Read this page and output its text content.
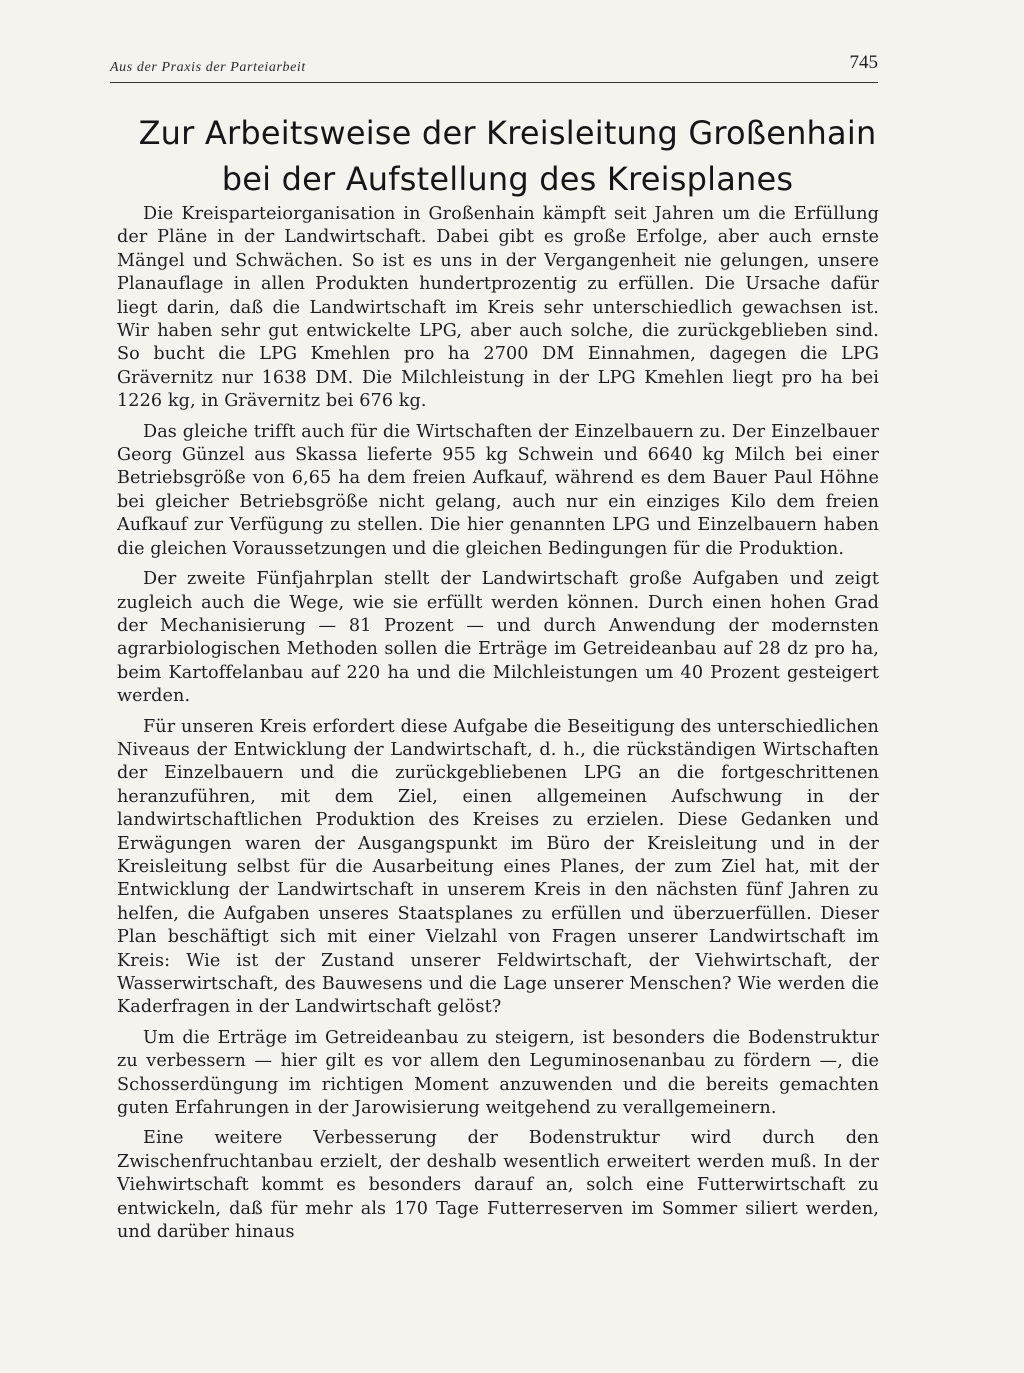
Aus der Praxis der Parteiarbeit	745
Zur Arbeitsweise der Kreisleitung Großenhain bei der Aufstellung des Kreisplanes

Die Kreisparteiorganisation in Großenhain kämpft seit Jahren um die Erfüllung der Pläne in der Landwirtschaft. Dabei gibt es große Erfolge, aber auch ernste Mängel und Schwächen. So ist es uns in der Vergangenheit nie gelungen, unsere Planauflage in allen Produkten hundertprozentig zu erfüllen. Die Ursache dafür liegt darin, daß die Landwirtschaft im Kreis sehr unterschiedlich gewachsen ist. Wir haben sehr gut entwickelte LPG, aber auch solche, die zurückgeblieben sind. So bucht die LPG Kmehlen pro ha 2700 DM Einnahmen, dagegen die LPG Grävernitz nur 1638 DM. Die Milchleistung in der LPG Kmehlen liegt pro ha bei 1226 kg, in Grävernitz bei 676 kg.

Das gleiche trifft auch für die Wirtschaften der Einzelbauern zu. Der Einzelbauer Georg Günzel aus Skassa lieferte 955 kg Schwein und 6640 kg Milch bei einer Betriebsgröße von 6,65 ha dem freien Aufkauf, während es dem Bauer Paul Höhne bei gleicher Betriebsgröße nicht gelang, auch nur ein einziges Kilo dem freien Aufkauf zur Verfügung zu stellen. Die hier genannten LPG und Einzelbauern haben die gleichen Voraussetzungen und die gleichen Bedingungen für die Produktion.

Der zweite Fünfjahrplan stellt der Landwirtschaft große Aufgaben und zeigt zugleich auch die Wege, wie sie erfüllt werden können. Durch einen hohen Grad der Mechanisierung — 81 Prozent — und durch Anwendung der modernsten agrarbiologischen Methoden sollen die Erträge im Getreideanbau auf 28 dz pro ha, beim Kartoffelanbau auf 220 ha und die Milchleistungen um 40 Prozent gesteigert werden.

Für unseren Kreis erfordert diese Aufgabe die Beseitigung des unterschiedlichen Niveaus der Entwicklung der Landwirtschaft, d. h., die rückständigen Wirtschaften der Einzelbauern und die zurückgebliebenen LPG an die fortgeschrittenen heranzuführen, mit dem Ziel, einen allgemeinen Aufschwung in der landwirtschaftlichen Produktion des Kreises zu erzielen. Diese Gedanken und Erwägungen waren der Ausgangspunkt im Büro der Kreisleitung und in der Kreisleitung selbst für die Ausarbeitung eines Planes, der zum Ziel hat, mit der Entwicklung der Landwirtschaft in unserem Kreis in den nächsten fünf Jahren zu helfen, die Aufgaben unseres Staatsplanes zu erfüllen und überzuerfüllen. Dieser Plan beschäftigt sich mit einer Vielzahl von Fragen unserer Landwirtschaft im Kreis: Wie ist der Zustand unserer Feldwirtschaft, der Viehwirtschaft, der Wasserwirtschaft, des Bauwesens und die Lage unserer Menschen? Wie werden die Kaderfragen in der Landwirtschaft gelöst?

Um die Erträge im Getreideanbau zu steigern, ist besonders die Bodenstruktur zu verbessern — hier gilt es vor allem den Leguminosenanbau zu fördern —, die Schosserdüngung im richtigen Moment anzuwenden und die bereits gemachten guten Erfahrungen in der Jarowisierung weitgehend zu verallgemeinern.

Eine weitere Verbesserung der Bodenstruktur wird durch den Zwischenfruchtanbau erzielt, der deshalb wesentlich erweitert werden muß. In der Viehwirtschaft kommt es besonders darauf an, solch eine Futterwirtschaft zu entwickeln, daß für mehr als 170 Tage Futterreserven im Sommer siliert werden, und darüber hinaus
